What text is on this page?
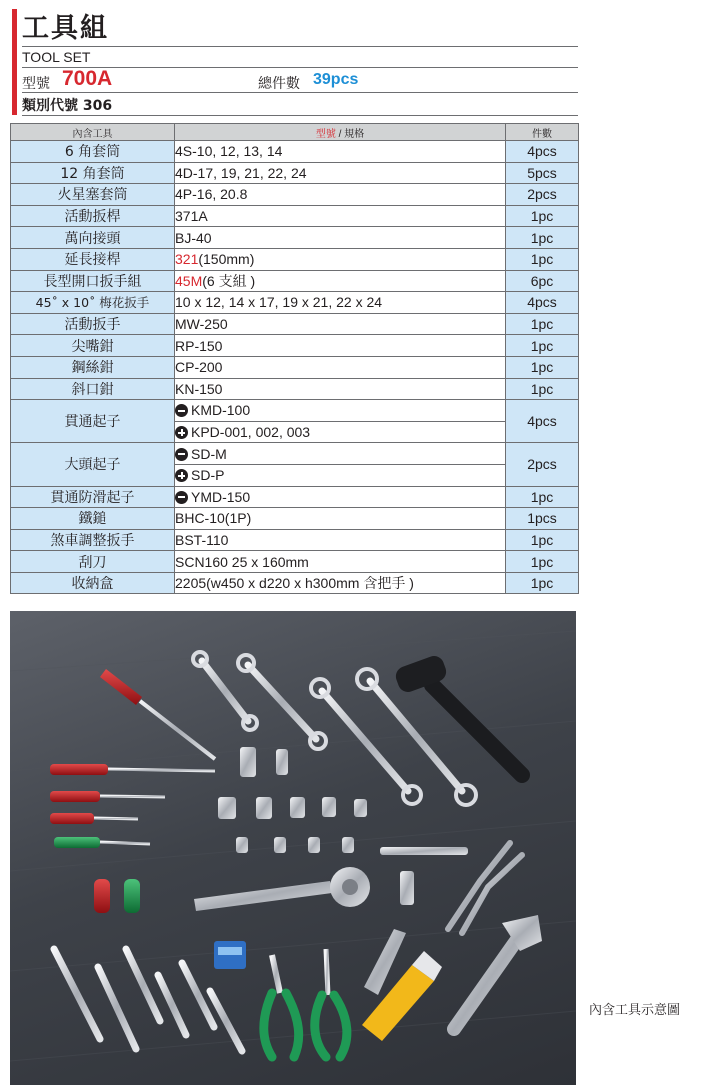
工具組
TOOL SET
型號 700A	總件數 39pcs
類別代號 306
內含工具	型號 / 規格	件數
6 角套筒	4S-10, 12, 13, 14	4pcs
12 角套筒	4D-17, 19, 21, 22, 24	5pcs
火星塞套筒	4P-16, 20.8	2pcs
活動扳桿	371A	1pc
萬向接頭	BJ-40	1pc
延長接桿	321(150mm)	1pc
長型開口扳手組	45M(6 支組 )	6pc
45˚ x 10˚ 梅花扳手	10 x 12, 14 x 17, 19 x 21, 22 x 24	4pcs
活動扳手	MW-250	1pc
尖嘴鉗	RP-150	1pc
鋼絲鉗	CP-200	1pc
斜口鉗	KN-150	1pc
貫通起子	KMD-100	4pcs
	KPD-001, 002, 003	
大頭起子	SD-M	2pcs
	SD-P	
貫通防滑起子	YMD-150	1pc
鐵鎚	BHC-10(1P)	1pcs
煞車調整扳手	BST-110	1pc
刮刀	SCN160 25 x 160mm	1pc
收納盒	2205(w450 x d220 x h300mm 含把手 )	1pc
內含工具示意圖
